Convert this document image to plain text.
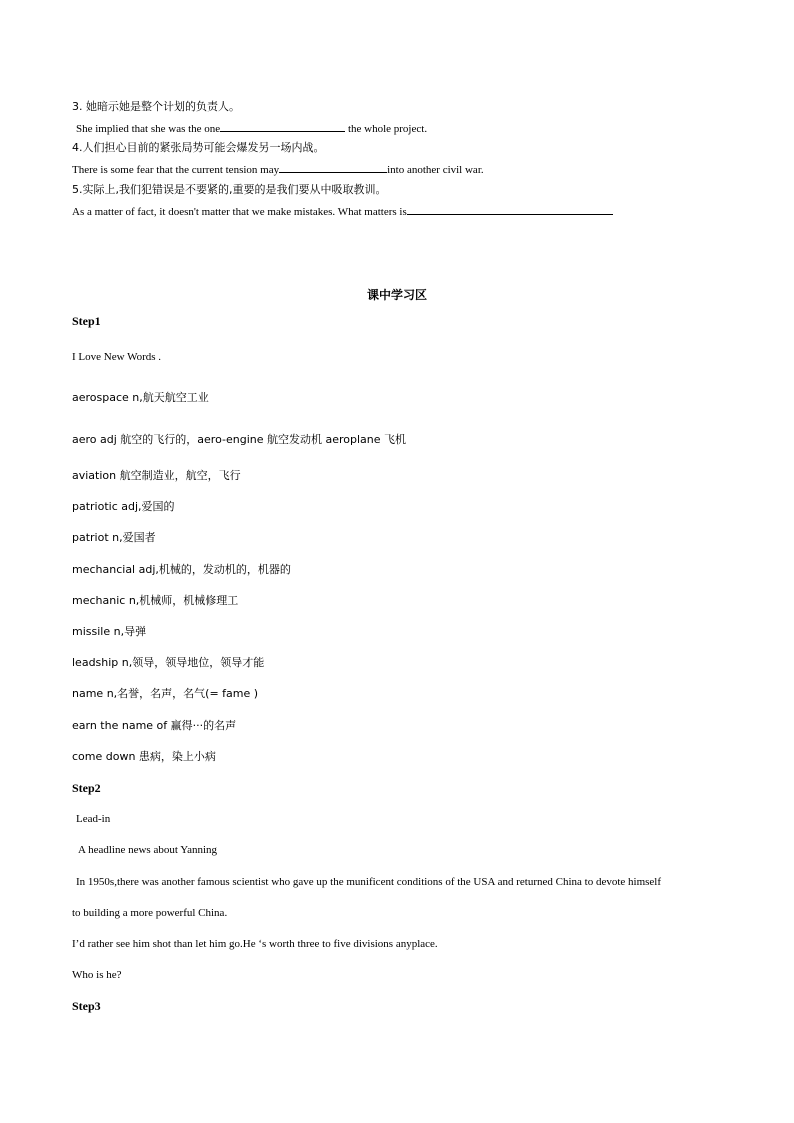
3. 她暗示她是整个计划的负责人。
She implied that she was the one	the whole project.
4.人们担心目前的紧张局势可能会爆发另一场内战。
There is some fear that the current tension may	into another civil war.
5.实际上,我们犯错误是不要紧的,重要的是我们要从中吸取教训。
As a matter of fact, it doesn't matter that we make mistakes. What matters is
课中学习区
Step1
I Love New Words .
aerospace n,航天航空工业
aero adj 航空的飞行的，aero-engine 航空发动机 aeroplane 飞机
aviation 航空制造业，航空，飞行
patriotic adj,爱国的
patriot n,爱国者
mechancial adj,机械的，发动机的，机器的
mechanic n,机械师，机械修理工
missile n,导弹
leadship n,领导，领导地位，领导才能
name n,名誉，名声，名气(= fame )
earn the name of 赢得···的名声
come down 患病，染上小病
Step2
Lead-in
A headline news about Yanning
In 1950s,there was another famous scientist who gave up the munificent conditions of the USA and returned China to devote himself
to building a more powerful China.
I’d rather see him shot than let him go.He ‘s worth three to five divisions anyplace.
Who is he?
Step3
